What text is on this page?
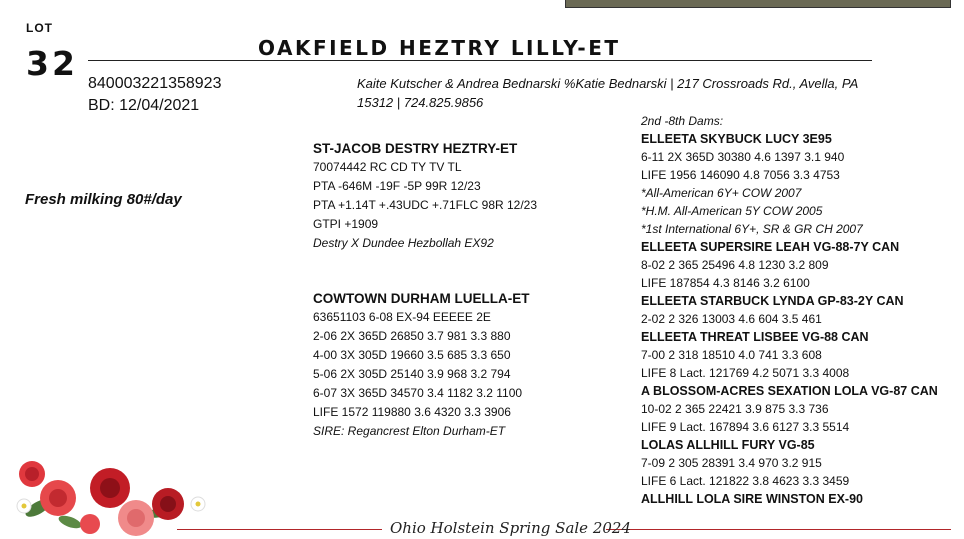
LOT
32	OAKFIELD HEZTRY LILLY-ET
840003221358923
BD: 12/04/2021
Kaite Kutscher & Andrea Bednarski %Katie Bednarski | 217 Crossroads Rd., Avella, PA
15312 | 724.825.9856
Fresh milking 80#/day
ST-JACOB DESTRY HEZTRY-ET
70074442 RC CD TY TV TL
PTA -646M -19F -5P 99R 12/23
PTA +1.14T +.43UDC +.71FLC 98R 12/23
GTPI +1909
Destry X Dundee Hezbollah EX92
COWTOWN DURHAM LUELLA-ET
63651103 6-08 EX-94 EEEEE 2E
2-06 2X 365D 26850 3.7 981 3.3 880
4-00 3X 305D 19660 3.5 685 3.3 650
5-06 2X 305D 25140 3.9 968 3.2 794
6-07 3X 365D 34570 3.4 1182 3.2 1100
LIFE 1572 119880 3.6 4320 3.3 3906
SIRE: Regancrest Elton Durham-ET
2nd -8th Dams:
ELLEETA SKYBUCK LUCY 3E95
6-11 2X 365D 30380 4.6 1397 3.1 940
LIFE 1956 146090 4.8 7056 3.3 4753
*All-American 6Y+ COW 2007
*H.M. All-American 5Y COW 2005
*1st International 6Y+, SR & GR CH 2007
ELLEETA SUPERSIRE LEAH VG-88-7Y CAN
8-02 2 365 25496 4.8 1230 3.2 809
LIFE 187854 4.3 8146 3.2 6100
ELLEETA STARBUCK LYNDA GP-83-2Y CAN
2-02 2 326 13003 4.6 604 3.5 461
ELLEETA THREAT LISBEE VG-88 CAN
7-00 2 318 18510 4.0 741 3.3 608
LIFE 8 Lact. 121769 4.2 5071 3.3 4008
A BLOSSOM-ACRES SEXATION LOLA VG-87 CAN
10-02 2 365 22421 3.9 875 3.3 736
LIFE 9 Lact. 167894 3.6 6127 3.3 5514
LOLAS ALLHILL FURY VG-85
7-09 2 305 28391 3.4 970 3.2 915
LIFE 6 Lact. 121822 3.8 4623 3.3 3459
ALLHILL LOLA SIRE WINSTON EX-90
Ohio Holstein Spring Sale 2024
